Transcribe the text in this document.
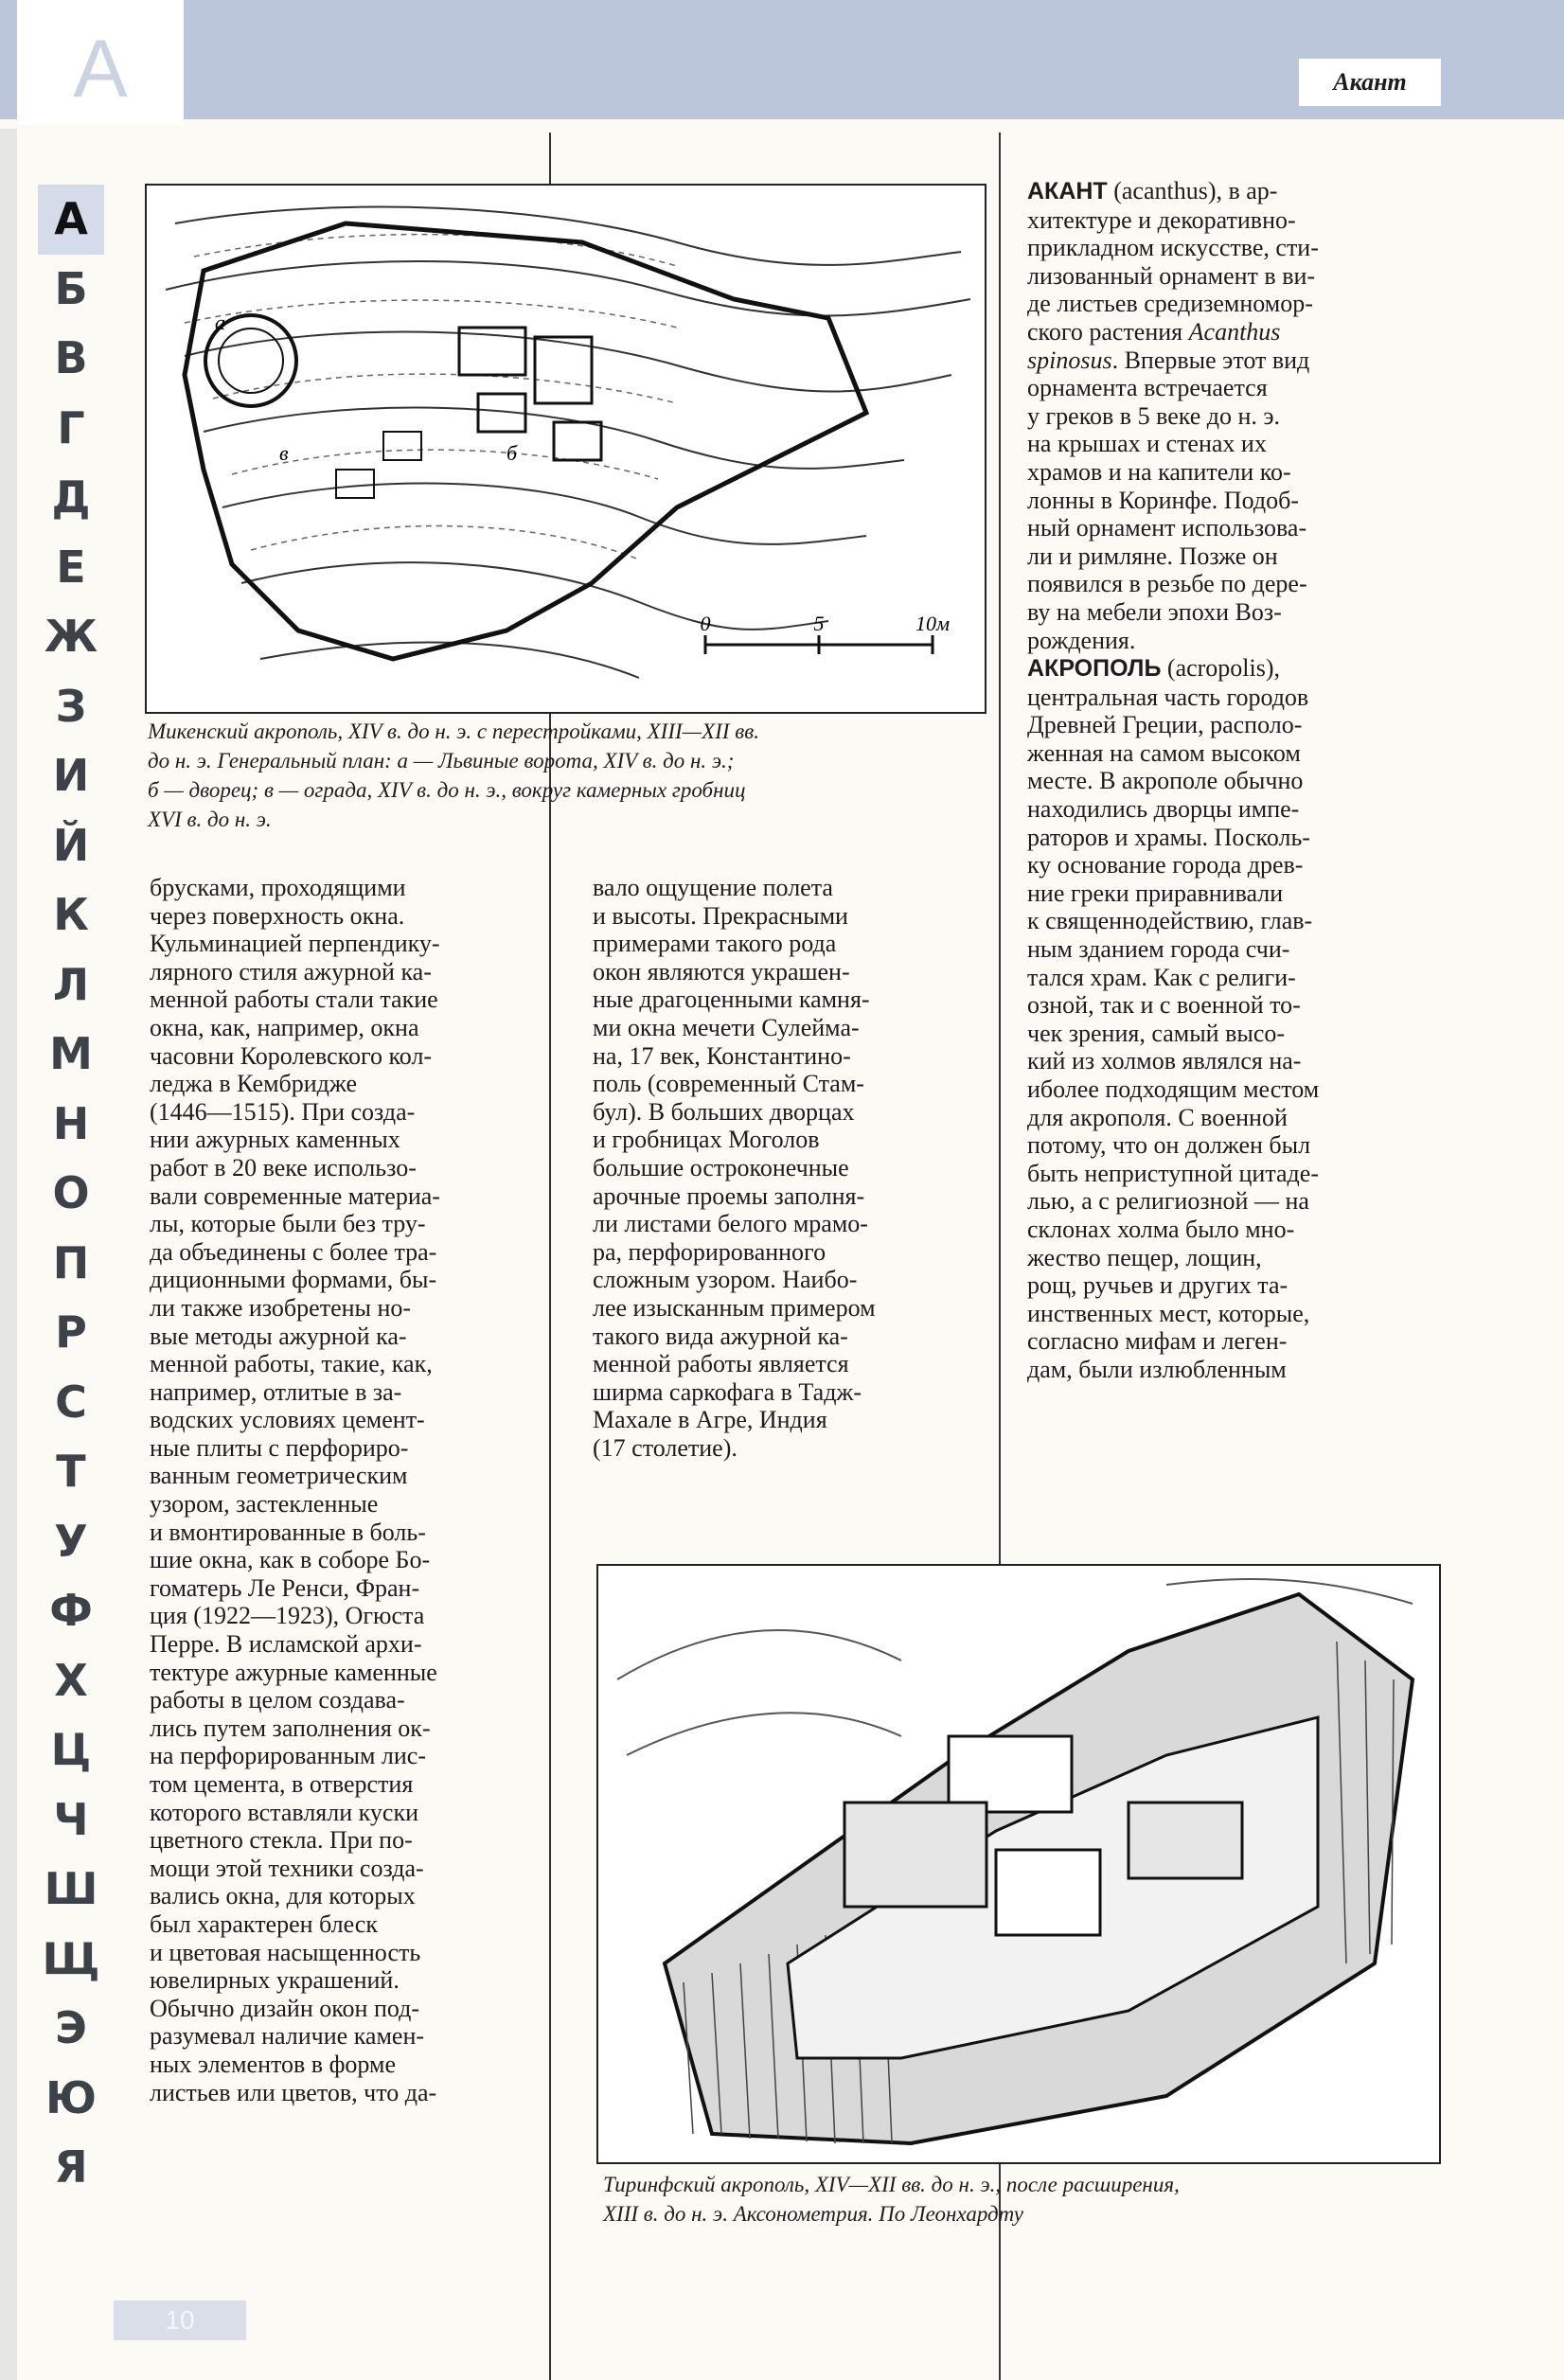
А	Акант
А
Б
В
Г
Д
Е
Ж
З
И
Й
К
Л
М
Н
О
П
Р
С
Т
У
Ф
Х
Ц
Ч
Ш
Щ
Э
Ю
Я
0	5	10м
а
б
в
Микенский акрополь, XIV в. до н. э. с перестройками, XIII—XII вв.
до н. э. Генеральный план: а — Львиные ворота, XIV в. до н. э.;
б — дворец; в — ограда, XIV в. до н. э., вокруг камерных гробниц
XVI в. до н. э.
брусками, проходящими
через поверхность окна.
Кульминацией перпендику-
лярного стиля ажурной ка-
менной работы стали такие
окна, как, например, окна
часовни Королевского кол-
леджа в Кембридже
(1446—1515). При созда-
нии ажурных каменных
работ в 20 веке использо-
вали современные материа-
лы, которые были без тру-
да объединены с более тра-
диционными формами, бы-
ли также изобретены но-
вые методы ажурной ка-
менной работы, такие, как,
например, отлитые в за-
водских условиях цемент-
ные плиты с перфориро-
ванным геометрическим
узором, застекленные
и вмонтированные в боль-
шие окна, как в соборе Бо-
гоматерь Ле Ренси, Фран-
ция (1922—1923), Огюста
Перре. В исламской архи-
тектуре ажурные каменные
работы в целом создава-
лись путем заполнения ок-
на перфорированным лис-
том цемента, в отверстия
которого вставляли куски
цветного стекла. При по-
мощи этой техники созда-
вались окна, для которых
был характерен блеск
и цветовая насыщенность
ювелирных украшений.
Обычно дизайн окон под-
разумевал наличие камен-
ных элементов в форме
листьев или цветов, что да-
вало ощущение полета
и высоты. Прекрасными
примерами такого рода
окон являются украшен-
ные драгоценными камня-
ми окна мечети Сулейма-
на, 17 век, Константино-
поль (современный Стам-
бул). В больших дворцах
и гробницах Моголов
большие остроконечные
арочные проемы заполня-
ли листами белого мрамо-
ра, перфорированного
сложным узором. Наибо-
лее изысканным примером
такого вида ажурной ка-
менной работы является
ширма саркофага в Тадж-
Махале в Агре, Индия
(17 столетие).

АКАНТ (acanthus), в ар-

хитектуре и декоративно-
прикладном искусстве, сти-
лизованный орнамент в ви-
де листьев средиземномор-
ского растения Acanthus
spinosus. Впервые этот вид
орнамента встречается
у греков в 5 веке до н. э.
на крышах и стенах их
храмов и на капители ко-
лонны в Коринфе. Подоб-
ный орнамент использова-
ли и римляне. Позже он
появился в резьбе по дере-
ву на мебели эпохи Воз-
рождения.

АКРОПОЛЬ (acropolis),

центральная часть городов
Древней Греции, располо-
женная на самом высоком
месте. В акрополе обычно
находились дворцы импе-
раторов и храмы. Посколь-
ку основание города древ-
ние греки приравнивали
к священнодействию, глав-
ным зданием города счи-
тался храм. Как с религи-
озной, так и с военной то-
чек зрения, самый высо-
кий из холмов являлся на-
иболее подходящим местом
для акрополя. С военной
потому, что он должен был
быть неприступной цитаде-
лью, а с религиозной — на
склонах холма было мно-
жество пещер, лощин,
рощ, ручьев и других та-
инственных мест, которые,
согласно мифам и леген-
дам, были излюбленным
Тиринфский акрополь, XIV—XII вв. до н. э., после расширения,
XIII в. до н. э. Аксонометрия. По Леонхардту
10
